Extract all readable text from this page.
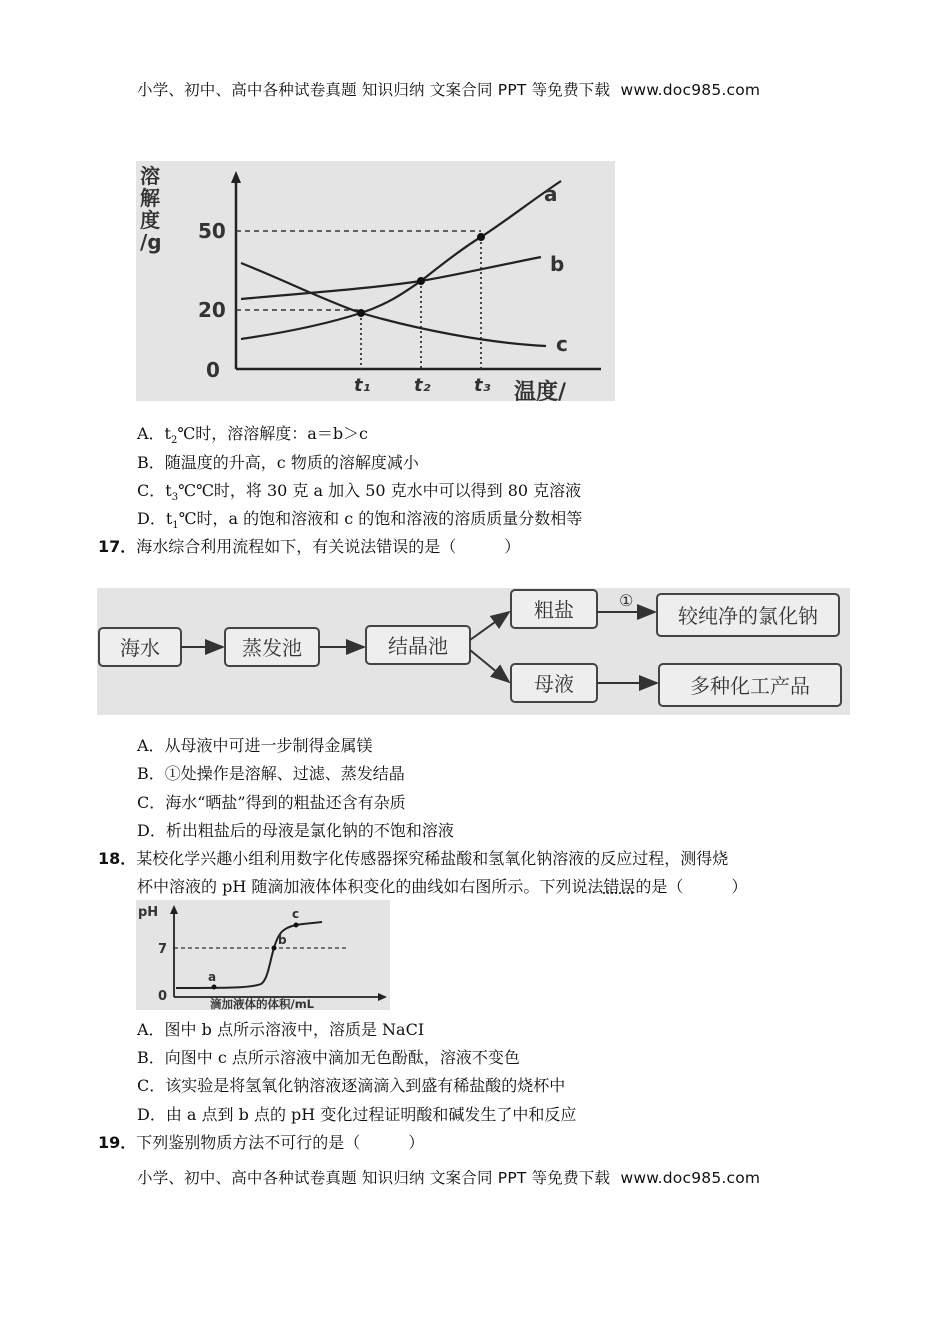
小学、初中、高中各种试卷真题 知识归纳 文案合同 PPT 等免费下载 www.doc985.com
溶
解
度
/g
0
20
50
a
b
c
t₁ t₂ t₃ 温度/
A．$t_2℃$时，溶溶解度：a＝b＞c
B．随温度的升高，c 物质的溶解度减小
C．$t_3℃℃$时，将 30 克 a 加入 50 克水中可以得到 80 克溶液
D．$t_1℃$时，a 的饱和溶液和 c 的饱和溶液的溶质质量分数相等
17．海水综合利用流程如下，有关说法错误的是（　　　）
海水	蒸发池	结晶池
粗盐	较纯净的氯化钠
母液	多种化工产品
①
A．从母液中可进一步制得金属镁
B．①处操作是溶解、过滤、蒸发结晶
C．海水“晒盐”得到的粗盐还含有杂质
D．析出粗盐后的母液是氯化钠的不饱和溶液
18．某校化学兴趣小组利用数字化传感器探究稀盐酸和氢氧化钠溶液的反应过程，测得烧
杯中溶液的 pH 随滴加液体体积变化的曲线如右图所示。下列说法错误的是（　　　）
pH
7
0
a
b
c
滴加液体的体积/mL
A．图中 b 点所示溶液中，溶质是 NaCI
B．向图中 c 点所示溶液中滴加无色酚酞，溶液不变色
C．该实验是将氢氧化钠溶液逐滴滴入到盛有稀盐酸的烧杯中
D．由 a 点到 b 点的 pH 变化过程证明酸和碱发生了中和反应
19．下列鉴别物质方法不可行的是（　　　）
小学、初中、高中各种试卷真题 知识归纳 文案合同 PPT 等免费下载 www.doc985.com
